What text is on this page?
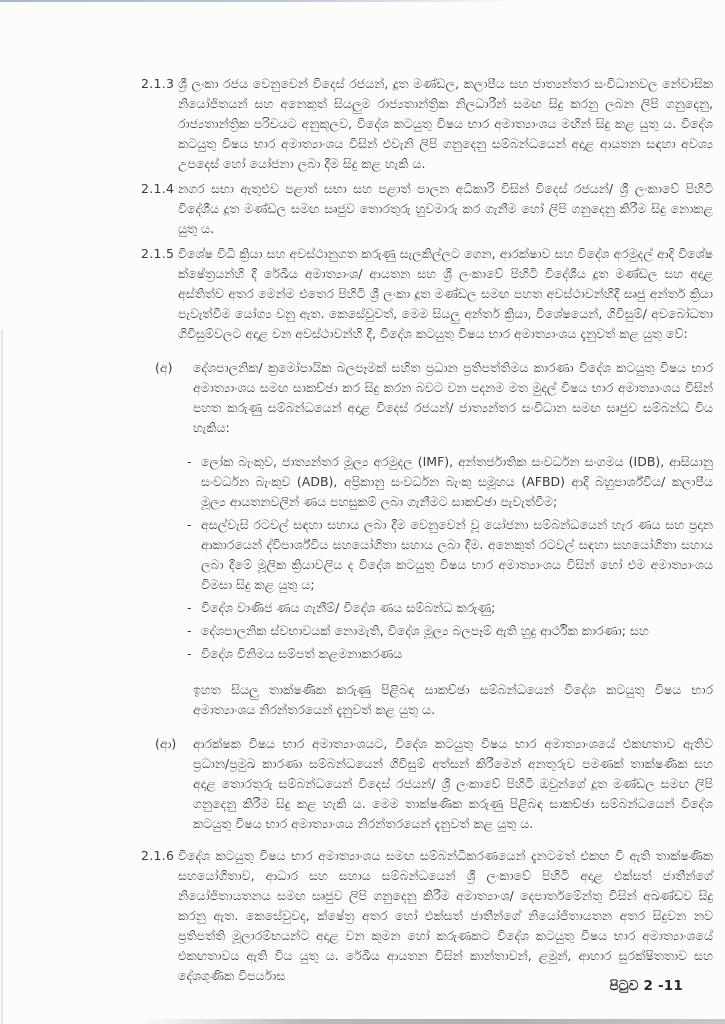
2.1.3 ශ්‍රී ලංකා රජය වෙනුවෙන් විදෙස් රජයන්, දූත මණ්ඩල, කලාපීය සහ ජාත්‍යන්තර සංවිධානවල නේවාසික නියෝජිතයන් සහ අනෙකුත් සියලුම රාජ්‍යතාන්ත්‍රික නිලධාරීන් සමඟ සිදු කරනු ලබන ලිපි ගනුදෙනු, රාජ්‍යතාන්ත්‍රික පරිචයට අනුකූලව, විදේශ කටයුතු විෂය භාර අමාත්‍යාංශය මඟින් සිදු කළ යුතු ය. විදේශ කටයුතු විෂය භාර අමාත්‍යාංශය විසින් එවැනි ලිපි ගනුදෙනු සම්බන්ධයෙන් අදාළ ආයතන සඳහා අවශ්‍ය උපදෙස් හෝ යෝජනා ලබා දීම සිදු කළ හැකි ය.
2.1.4 නගර සභා ඇතුළුව පළාත් සභා සහ පළාත් පාලන අධිකාරි විසින් විදෙස් රජයන්/ ශ්‍රී ලංකාවේ පිහිටි විදේශීය දූත මණ්ඩල සමඟ සෘජුව තොරතුරු හුවමාරු කර ගැනීම හෝ ලිපි ගනුදෙනු කිරීම සිදු නොකළ යුතු ය.
2.1.5 විශේෂ විධි ක්‍රියා සහ අවස්ථානුගත කරුණු සැලකිල්ලට ගෙන, ආරක්ෂාව සහ විදේශ අරමුදල් ආදි විශේෂ ක්ෂේත්‍රයන්හි දී රේඛීය අමාත්‍යාංශ/ ආයතන සහ ශ්‍රී ලංකාවේ පිහිටි විදේශීය දූත මණ්ඩල සහ අදාළ අස්තිත්ව අතර මෙන්ම එතෙර පිහිටි ශ්‍රී ලංකා දූත මණ්ඩල සමඟ පහත අවස්ථාවන්හිදී සෘජු අන්තර් ක්‍රියා පැවැත්වීම යෝග්‍ය වනු ඇත. කෙසේවුවත්, මෙම සියලු අන්තර් ක්‍රියා, විශේෂයෙන්, ගිවිසුම්/ අවබෝධතා ගිවිසුම්වලට අදාළ වන අවස්ථාවන්හි දී, විදේශ කටයුතු විෂය භාර අමාත්‍යාංශය දැනුවත් කළ යුතු වේ:
(අ)	දේශපාලනික/ ක්‍රමෝපායික බලපෑමක් සහිත ප්‍රධාන ප්‍රතිපත්තිමය කාරණා විදේශ කටයුතු විෂය භාර අමාත්‍යාංශය සමඟ සාකච්ඡා කර සිදු කරන බවට වන පදනම මත මුදල් විෂය භාර අමාත්‍යාංශය විසින් පහත කරුණු සම්බන්ධයෙන් අදාළ විදෙස් රජයන්/ ජාත්‍යන්තර සංවිධාන සමඟ සෘජුව සම්බන්ධ විය හැකිය:
- ලෝක බැංකුව, ජාත්‍යන්තර මූල්‍ය අරමුදල (IMF), අන්තර්ජාතික සංවර්ධන සංගමය (IDB), ආසියානු සංවර්ධන බැංකුව (ADB), අප්‍රිකානු සංවර්ධන බැංකු සමූහය (AFBD) ආදි බහුපාර්ශ්වීය/ කලාපීය මූල්‍ය ආයතනවලින් ණය පහසුකම් ලබා ගැනීමට සාකච්ඡා පැවැත්වීම;
- අසල්වැසි රටවල් සඳහා සහාය ලබා දීම වෙනුවෙන් වූ යෝජනා සම්බන්ධයෙන් හැර ණය සහ ප්‍රදාන ආකාරයෙන් ද්විපාර්ශ්වීය සහයෝගිතා සහාය ලබා දීම. අනෙකුත් රටවල් සඳහා සහයෝගිතා සහාය ලබා දීමේ මූලික ක්‍රියාවලිය ද විදේශ කටයුතු විෂය භාර අමාත්‍යාංශය විසින් හෝ එම අමාත්‍යාංශය විමසා සිදු කළ යුතු ය;
- විදේශ වාණිජ ණය ගැනීම්/ විදේශ ණය සම්බන්ධ කරුණු;
- දේශපාලනික ස්වභාවයක් නොමැති, විදේශ මූල්‍ය බලපෑම් ඇති හුදු ආර්ථික කාරණා; සහ
- විදේශ විනිමය සම්පත් කළමනාකරණය
ඉහත සියලු තාක්ෂණික කරුණු පිළිබඳ සාකච්ඡා සම්බන්ධයෙන් විදේශ කටයුතු විෂය භාර අමාත්‍යාංශය නිරන්තරයෙන් දැනුවත් කළ යුතු ය.
(ආ)	ආරක්ෂක විෂය භාර අමාත්‍යාංශයට, විදේශ කටයුතු විෂය භාර අමාත්‍යාංශයේ එකඟතාව ඇතිව ප්‍රධාන/ප්‍රමුඛ කාරණා සම්බන්ධයෙන් ගිවිසුම් අත්සන් කිරීමෙන් අනතුරුව පමණක් තාක්ෂණික සහ අදාළ තොරතුරු සම්බන්ධයෙන් විදෙස් රජයන්/ ශ්‍රී ලංකාවේ පිහිටි ඔවුන්ගේ දූත මණ්ඩල සමඟ ලිපි ගනුදෙනු කිරීම සිදු කළ හැකි ය. මෙම තාක්ෂණික කරුණු පිළිබඳ සාකච්ඡා සම්බන්ධයෙන් විදේශ කටයුතු විෂය භාර අමාත්‍යාංශය නිරන්තරයෙන් දැනුවත් කළ යුතු ය.
2.1.6 විදේශ කටයුතු විෂය භාර අමාත්‍යාංශය සමඟ සම්බන්ධීකරණයෙන් දැනටමත් එකඟ වී ඇති තාක්ෂණික සහයෝගිතාව, ආධාර සහ සහාය සම්බන්ධයෙන් ශ්‍රී ලංකාවේ පිහිටි අදාළ එක්සත් ජාතීන්ගේ නියෝජිතායතනය සමඟ සෘජුව ලිපි ගනුදෙනු කිරීම අමාත්‍යාංශ/ දෙපාර්තමේන්තු විසින් අඛණ්ඩව සිදු කරනු ඇත. කෙසේවුවද, ක්ෂේත්‍ර අතර හෝ එක්සත් ජාතීන්ගේ නියෝජිතායතන අතර සිදුවන නව ප්‍රතිපත්ති මූලාරම්භයන්ට අදාළ වන කුමන හෝ කරුණකට විදේශ කටයුතු විෂය භාර අමාත්‍යාංශයේ එකඟතාවය ඇති විය යුතු ය. රේඛීය ආයතන විසින් කාන්තාවන්, ළමුන්, ආහාර සුරක්ෂිතතාව සහ දේශගුණික විපර්යාස
පිටුව 2 -11
